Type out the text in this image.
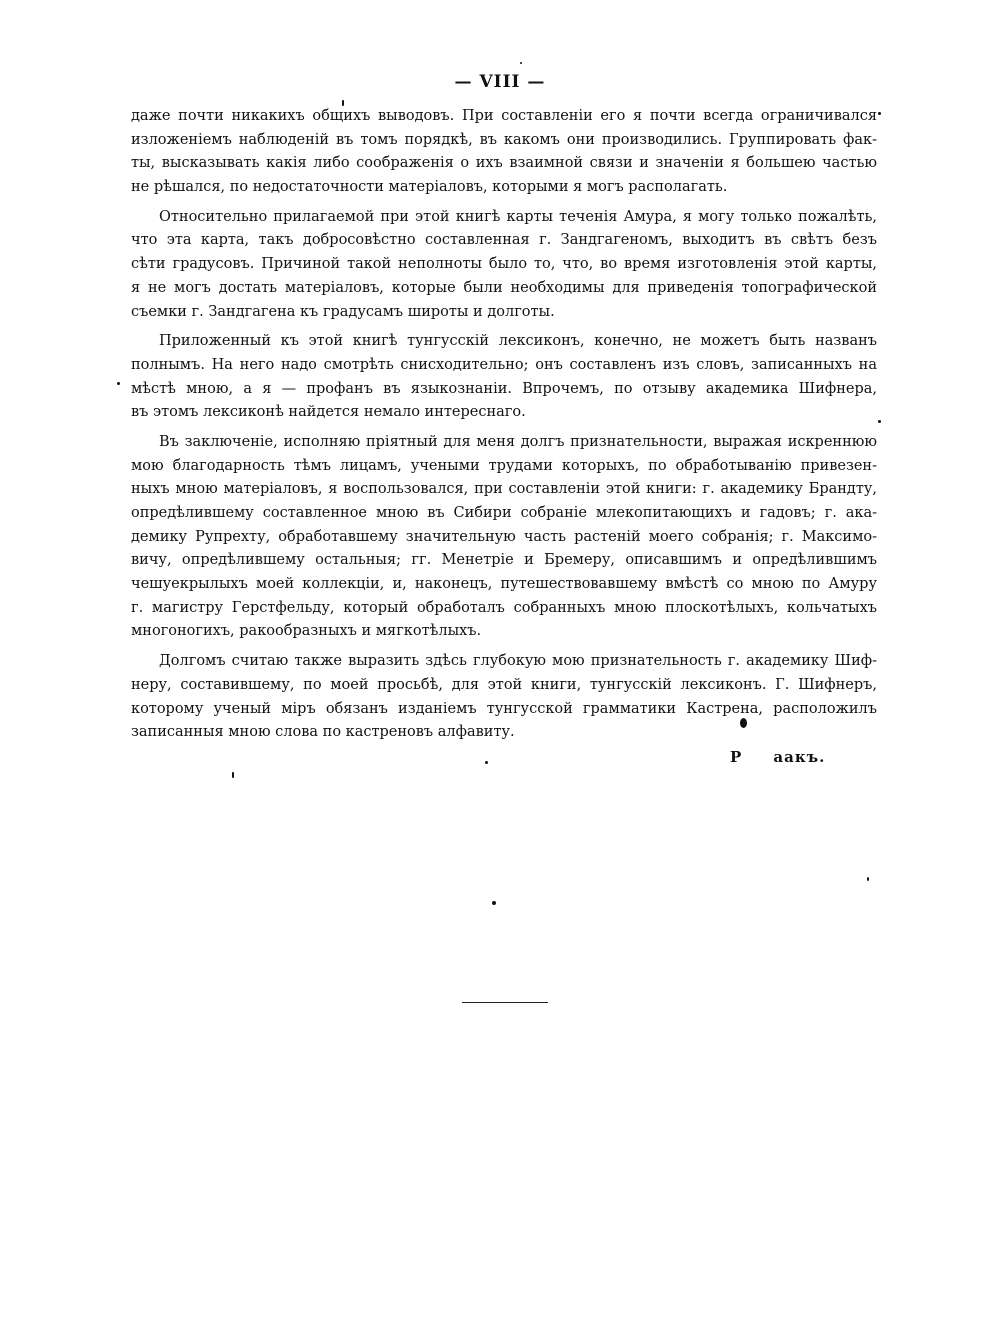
— VIII —
даже почти никакихъ общихъ выводовъ. При составленіи его я почти всегда ограничивался
изложеніемъ наблюденій въ томъ порядкѣ, въ какомъ они производились. Группировать фак-
ты, высказывать какія либо соображенія о ихъ взаимной связи и значеніи я большею частью
не рѣшался, по недостаточности матеріаловъ, которыми я могъ располагать.
Относительно прилагаемой при этой книгѣ карты теченія Амура, я могу только пожалѣть,
что эта карта, такъ добросовѣстно составленная г. Зандгагеномъ, выходитъ въ свѣтъ безъ
сѣти градусовъ. Причиной такой неполноты было то, что, во время изготовленія этой карты,
я не могъ достать матеріаловъ, которые были необходимы для приведенія топографической
съемки г. Зандгагена къ градусамъ широты и долготы.
Приложенный къ этой книгѣ тунгусскій лексиконъ, конечно, не можетъ быть названъ
полнымъ. На него надо смотрѣть снисходительно; онъ составленъ изъ словъ, записанныхъ на
мѣстѣ мною, а я — профанъ въ языкознаніи. Впрочемъ, по отзыву академика Шифнера,
въ этомъ лексиконѣ найдется немало интереснаго.
Въ заключеніе, исполняю пріятный для меня долгъ признательности, выражая искреннюю
мою благодарность тѣмъ лицамъ, учеными трудами которыхъ, по обработыванію привезен-
ныхъ мною матеріаловъ, я воспользовался, при составленіи этой книги: г. академику Брандту,
опредѣлившему составленное мною въ Сибири собраніе млекопитающихъ и гадовъ; г. ака-
демику Рупрехту, обработавшему значительную часть растеній моего собранія; г. Максимо-
вичу, опредѣлившему остальныя; гг. Менетріе и Бремеру, описавшимъ и опредѣлившимъ
чешуекрылыхъ моей коллекціи, и, наконецъ, путешествовавшему вмѣстѣ со мною по Амуру
г. магистру Герстфельду, который обработалъ собранныхъ мною плоскотѣлыхъ, кольчатыхъ
многоногихъ, ракообразныхъ и мягкотѣлыхъ.
Долгомъ считаю также выразить здѣсь глубокую мою признательность г. академику Шиф-
неру, составившему, по моей просьбѣ, для этой книги, тунгусскій лексиконъ. Г. Шифнеръ,
которому ученый міръ обязанъ изданіемъ тунгусской грамматики Кастрена, расположилъ
записанныя мною слова по кастреновъ алфавиту.
Р     аакъ.
